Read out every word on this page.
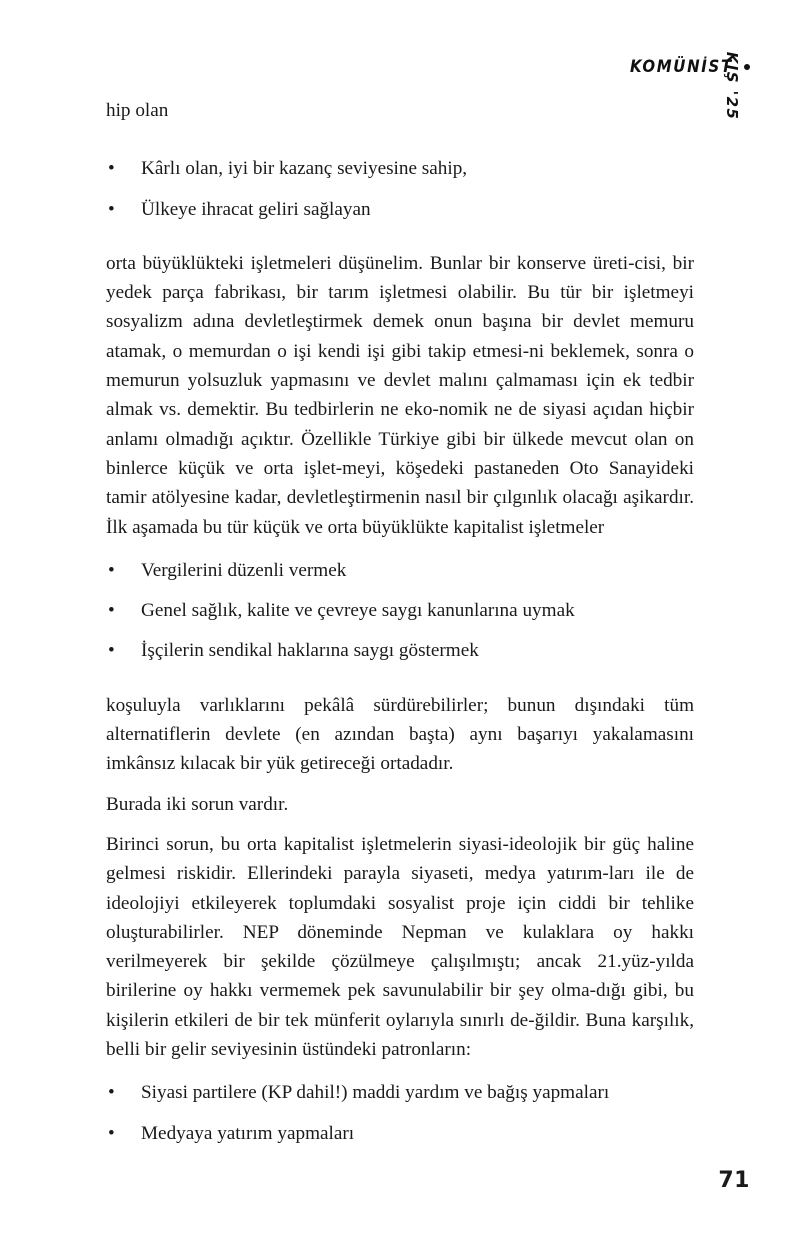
KOMÜNİST
KIŞ '25

hip olan

• Kârlı olan, iyi bir kazanç seviyesine sahip,
• Ülkeye ihracat geliri sağlayan

orta büyüklükteki işletmeleri düşünelim. Bunlar bir konserve üreti-cisi, bir yedek parça fabrikası, bir tarım işletmesi olabilir. Bu tür bir işletmeyi sosyalizm adına devletleştirmek demek onun başına bir devlet memuru atamak, o memurdan o işi kendi işi gibi takip etmesi-ni beklemek, sonra o memurun yolsuzluk yapmasını ve devlet malını çalmaması için ek tedbir almak vs. demektir. Bu tedbirlerin ne eko-nomik ne de siyasi açıdan hiçbir anlamı olmadığı açıktır. Özellikle Türkiye gibi bir ülkede mevcut olan on binlerce küçük ve orta işlet-meyi, köşedeki pastaneden Oto Sanayideki tamir atölyesine kadar, devletleştirmenin nasıl bir çılgınlık olacağı aşikardır. İlk aşamada bu tür küçük ve orta büyüklükte kapitalist işletmeler

• Vergilerini düzenli vermek
• Genel sağlık, kalite ve çevreye saygı kanunlarına uymak
• İşçilerin sendikal haklarına saygı göstermek

koşuluyla varlıklarını pekâlâ sürdürebilirler; bunun dışındaki tüm alternatiflerin devlete (en azından başta) aynı başarıyı yakalamasını imkânsız kılacak bir yük getireceği ortadadır.

Burada iki sorun vardır.

Birinci sorun, bu orta kapitalist işletmelerin siyasi-ideolojik bir güç haline gelmesi riskidir. Ellerindeki parayla siyaseti, medya yatırım-ları ile de ideolojiyi etkileyerek toplumdaki sosyalist proje için ciddi bir tehlike oluşturabilirler. NEP döneminde Nepman ve kulaklara oy hakkı verilmeyerek bir şekilde çözülmeye çalışılmıştı; ancak 21.yüz-yılda birilerine oy hakkı vermemek pek savunulabilir bir şey olma-dığı gibi, bu kişilerin etkileri de bir tek münferit oylarıyla sınırlı de-ğildir. Buna karşılık, belli bir gelir seviyesinin üstündeki patronların:

• Siyasi partilere (KP dahil!) maddi yardım ve bağış yapmaları
• Medyaya yatırım yapmaları
71
